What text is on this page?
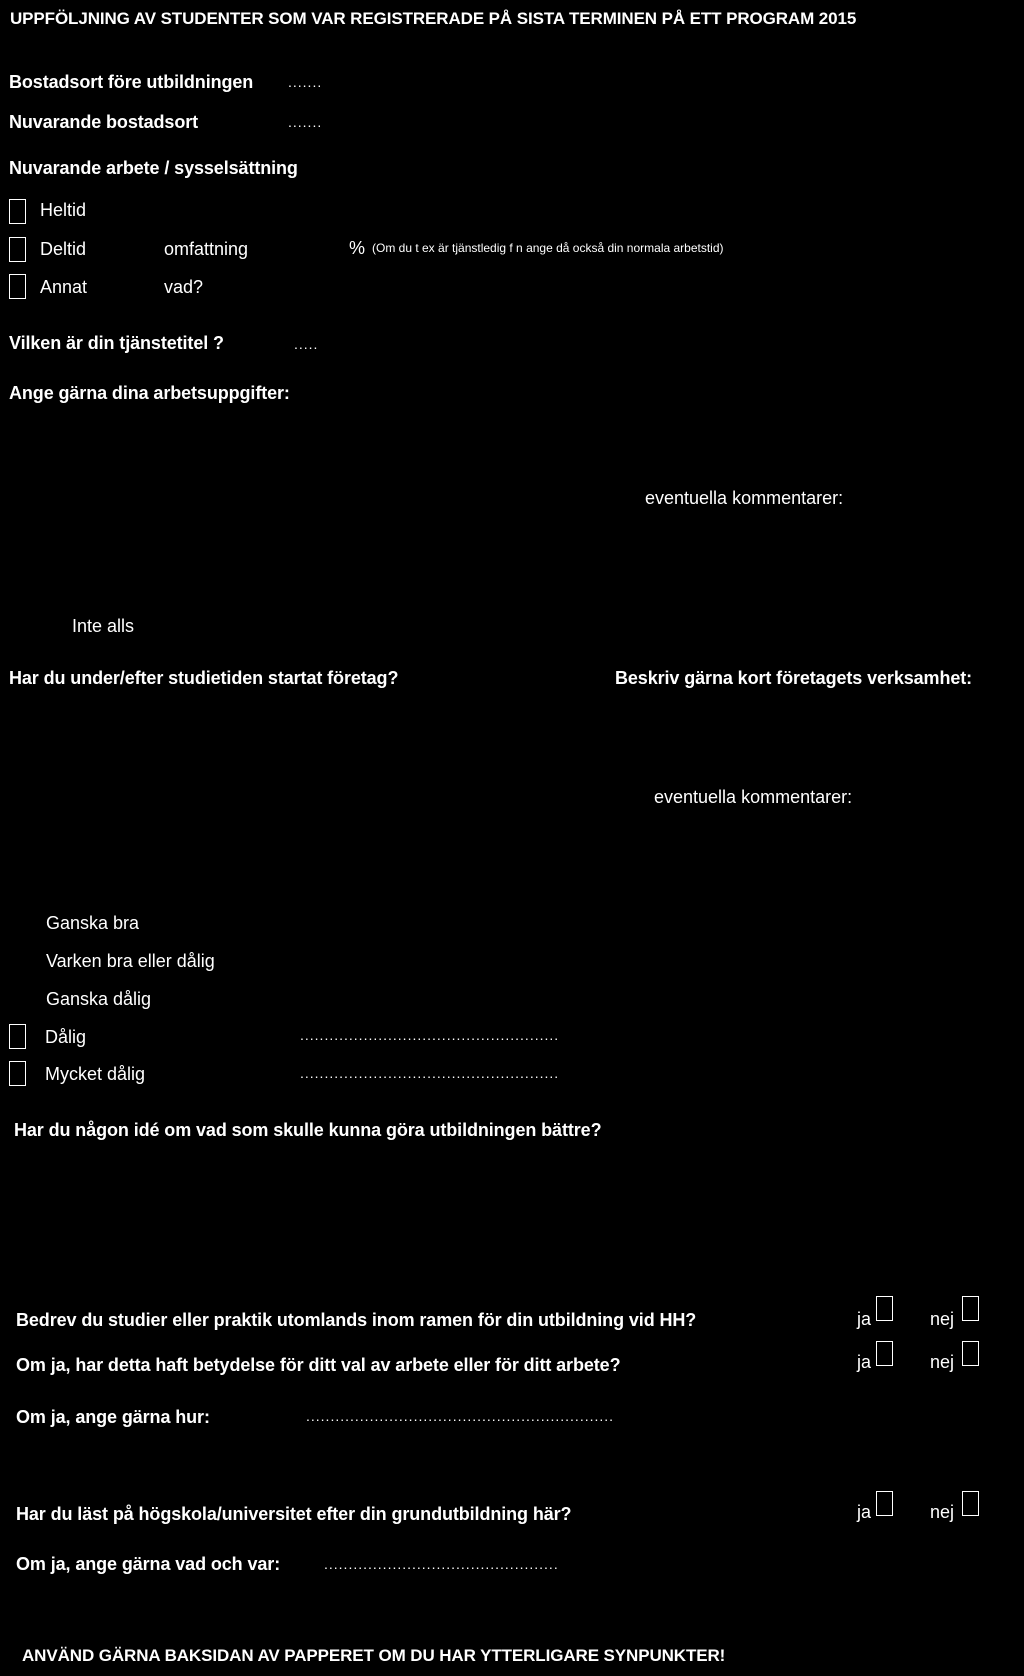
UPPFÖLJNING AV STUDENTER SOM VAR REGISTRERADE PÅ SISTA TERMINEN PÅ ETT PROGRAM 2015
Bostadsort före utbildningen .......
Nuvarande bostadsort	.......
Nuvarande arbete / sysselsättning
Heltid
Deltid	omfattning	% (Om du t ex är tjänstledig f n ange då också din normala arbetstid)
Annat	vad?
Vilken är din tjänstetitel ?	.....
Ange gärna dina arbetsuppgifter:
eventuella kommentarer:
Inte alls
Har du under/efter studietiden startat företag?	Beskriv gärna kort företagets verksamhet:
eventuella kommentarer:
Ganska bra
Varken bra eller dålig
Ganska dålig
Dålig	.....................................................
Mycket dålig	.....................................................
Har du någon idé om vad som skulle kunna göra utbildningen bättre?
Bedrev du studier eller praktik utomlands inom ramen för din utbildning vid HH?	ja	nej
Om ja, har detta haft betydelse för ditt val av arbete eller för ditt arbete?	ja	nej
Om ja, ange gärna hur:	...............................................................
Har du läst på högskola/universitet efter din grundutbildning här?	ja	nej
Om ja, ange gärna vad och var:	................................................
ANVÄND GÄRNA BAKSIDAN AV PAPPERET OM DU HAR YTTERLIGARE SYNPUNKTER!
